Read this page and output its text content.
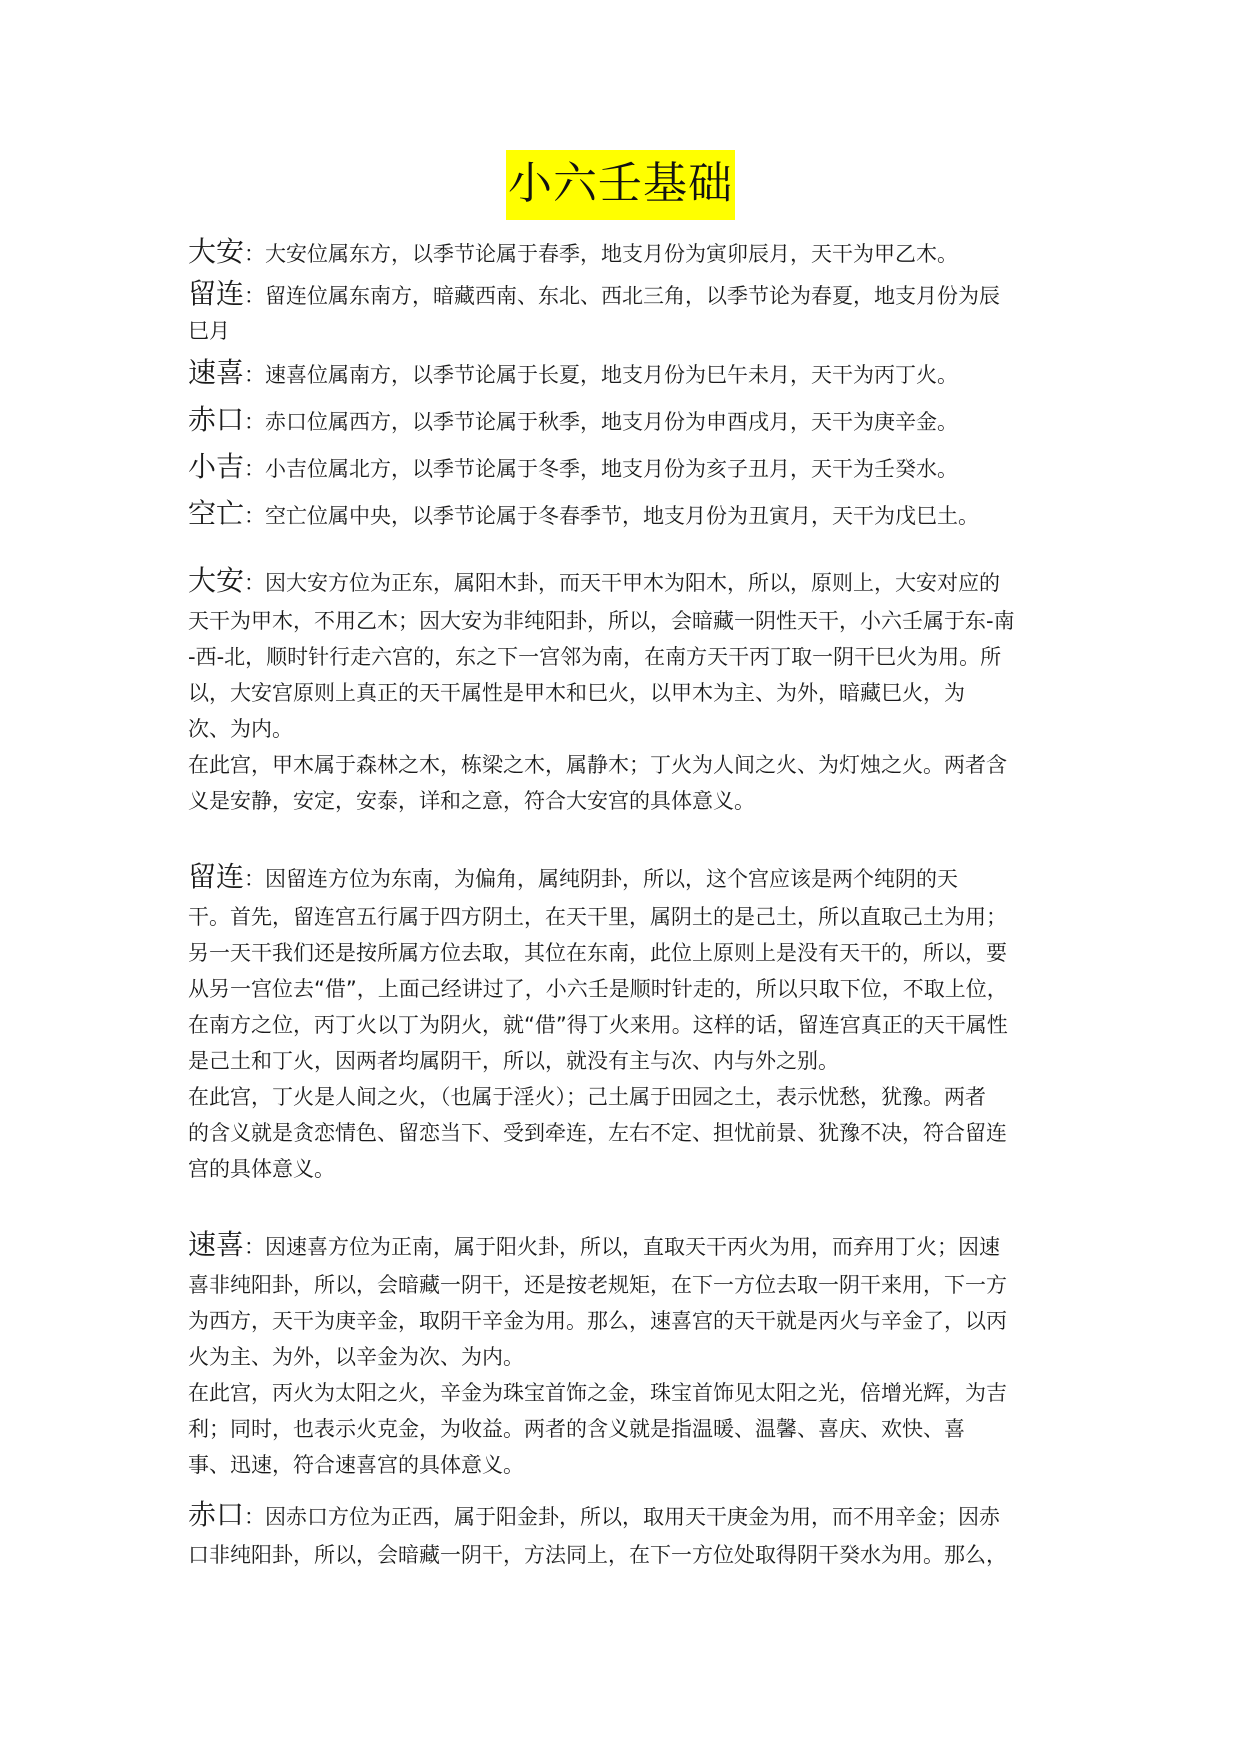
小六壬基础
大安：大安位属东方，以季节论属于春季，地支月份为寅卯辰月，天干为甲乙木。
留连：留连位属东南方，暗藏西南、东北、西北三角，以季节论为春夏，地支月份为辰
巳月
速喜：速喜位属南方，以季节论属于长夏，地支月份为巳午未月，天干为丙丁火。
赤口：赤口位属西方，以季节论属于秋季，地支月份为申酉戌月，天干为庚辛金。
小吉：小吉位属北方，以季节论属于冬季，地支月份为亥子丑月，天干为壬癸水。
空亡：空亡位属中央，以季节论属于冬春季节，地支月份为丑寅月，天干为戊巳土。
大安：因大安方位为正东，属阳木卦，而天干甲木为阳木，所以，原则上，大安对应的
天干为甲木，不用乙木；因大安为非纯阳卦，所以，会暗藏一阴性天干，小六壬属于东-南
-西-北，顺时针行走六宫的，东之下一宫邻为南，在南方天干丙丁取一阴干巳火为用。所
以，大安宫原则上真正的天干属性是甲木和巳火，以甲木为主、为外，暗藏巳火，为
次、为内。
在此宫，甲木属于森林之木，栋梁之木，属静木；丁火为人间之火、为灯烛之火。两者含
义是安静，安定，安泰，详和之意，符合大安宫的具体意义。
留连：因留连方位为东南，为偏角，属纯阴卦，所以，这个宫应该是两个纯阴的天
干。首先，留连宫五行属于四方阴土，在天干里，属阴土的是己土，所以直取己土为用；
另一天干我们还是按所属方位去取，其位在东南，此位上原则上是没有天干的，所以，要
从另一宫位去“借”，上面己经讲过了，小六壬是顺时针走的，所以只取下位，不取上位，
在南方之位，丙丁火以丁为阴火，就“借”得丁火来用。这样的话，留连宫真正的天干属性
是己土和丁火，因两者均属阴干，所以，就没有主与次、内与外之别。
在此宫，丁火是人间之火，（也属于淫火）；己土属于田园之土，表示忧愁，犹豫。两者
的含义就是贪恋情色、留恋当下、受到牵连，左右不定、担忧前景、犹豫不决，符合留连
宫的具体意义。
速喜：因速喜方位为正南，属于阳火卦，所以，直取天干丙火为用，而弃用丁火；因速
喜非纯阳卦，所以，会暗藏一阴干，还是按老规矩，在下一方位去取一阴干来用，下一方
为西方，天干为庚辛金，取阴干辛金为用。那么，速喜宫的天干就是丙火与辛金了，以丙
火为主、为外，以辛金为次、为内。
在此宫，丙火为太阳之火，辛金为珠宝首饰之金，珠宝首饰见太阳之光，倍增光辉，为吉
利；同时，也表示火克金，为收益。两者的含义就是指温暖、温馨、喜庆、欢快、喜
事、迅速，符合速喜宫的具体意义。
赤口：因赤口方位为正西，属于阳金卦，所以，取用天干庚金为用，而不用辛金；因赤
口非纯阳卦，所以，会暗藏一阴干，方法同上，在下一方位处取得阴干癸水为用。那么，
